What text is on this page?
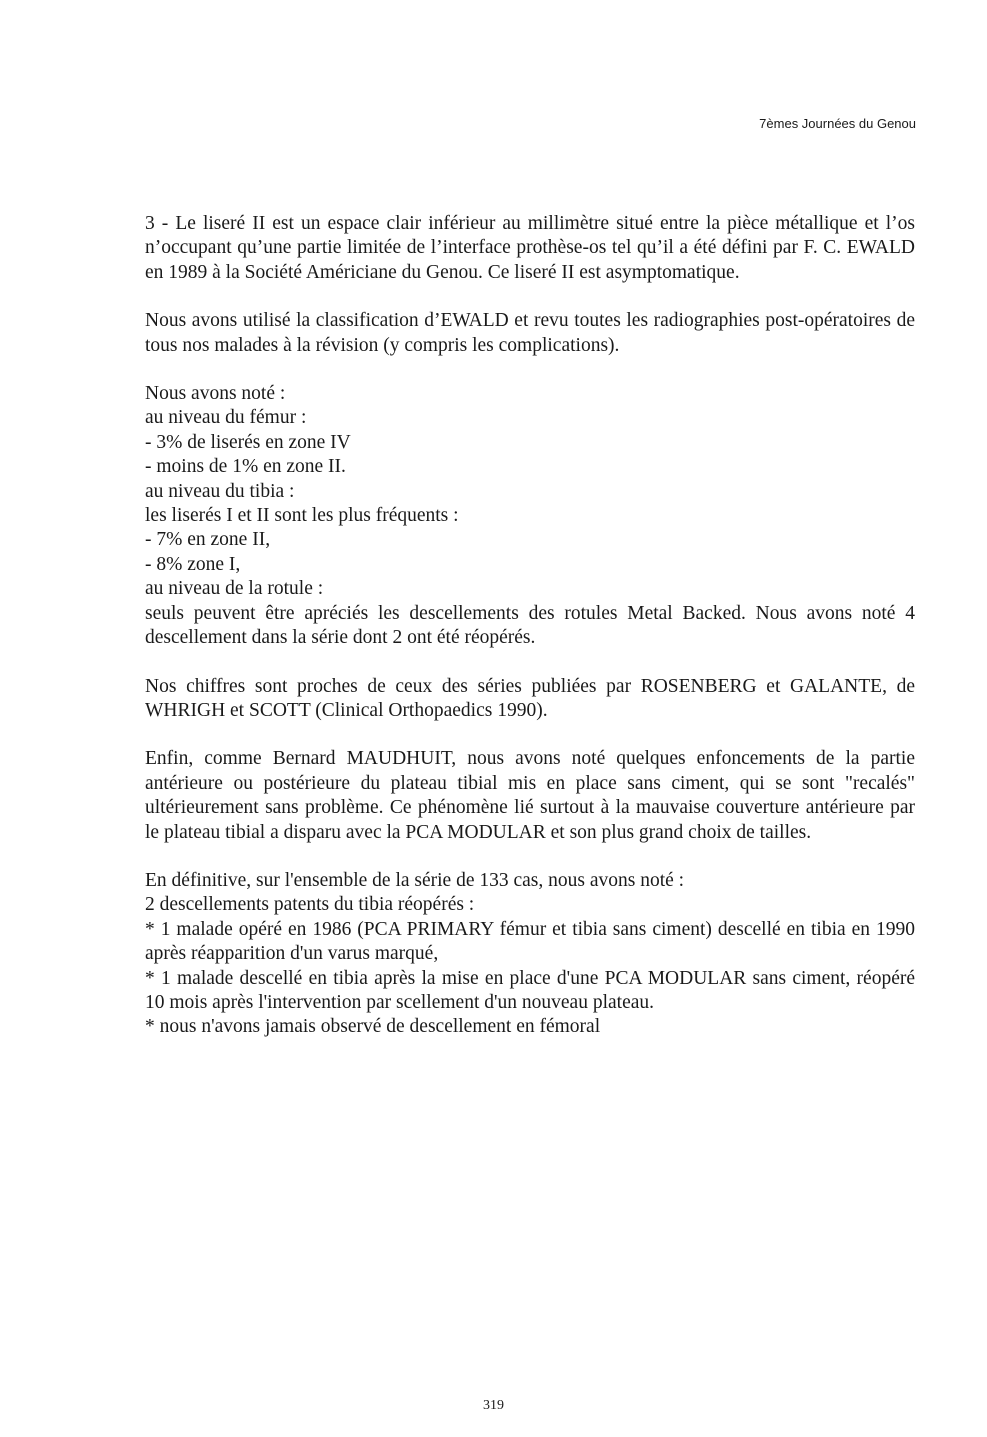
7èmes Journées du Genou

3 - Le liseré II est un espace clair inférieur au millimètre situé entre la pièce métallique et l’os n’occupant qu’une partie limitée de l’interface prothèse-os tel qu’il a été défini par F. C. EWALD en 1989 à la Société Américiane du Genou. Ce liseré II est asymptomatique.

Nous avons utilisé la classification d’EWALD et revu toutes les radiographies post-opératoires de tous nos malades à la révision (y compris les complications).

Nous avons noté :
au niveau du fémur :
- 3% de liserés en zone IV
- moins de 1% en zone II.
au niveau du tibia :
les liserés I et II sont les plus fréquents :
- 7% en zone II,
- 8% zone I,
au niveau de la rotule :
seuls peuvent être apréciés les descellements des rotules Metal Backed. Nous avons noté 4 descellement dans la série dont 2 ont été réopérés.

Nos chiffres sont proches de ceux des séries publiées par ROSENBERG et GALANTE, de WHRIGH et SCOTT (Clinical Orthopaedics 1990).

Enfin, comme Bernard MAUDHUIT, nous avons noté quelques enfoncements de la partie antérieure ou postérieure du plateau tibial mis en place sans ciment, qui se sont "recalés" ultérieurement sans problème. Ce phénomène lié surtout à la mauvaise couverture antérieure par le plateau tibial a disparu avec la PCA MODULAR et son plus grand choix de tailles.

En définitive, sur l'ensemble de la série de 133 cas, nous avons noté :
2 descellements patents du tibia réopérés :
* 1 malade opéré en 1986 (PCA PRIMARY fémur et tibia sans ciment) descellé en tibia en 1990 après réapparition d'un varus marqué,
* 1 malade descellé en tibia après la mise en place d'une PCA MODULAR sans ciment, réopéré 10 mois après l'intervention par scellement d'un nouveau plateau.
* nous n'avons jamais observé de descellement en fémoral
319
